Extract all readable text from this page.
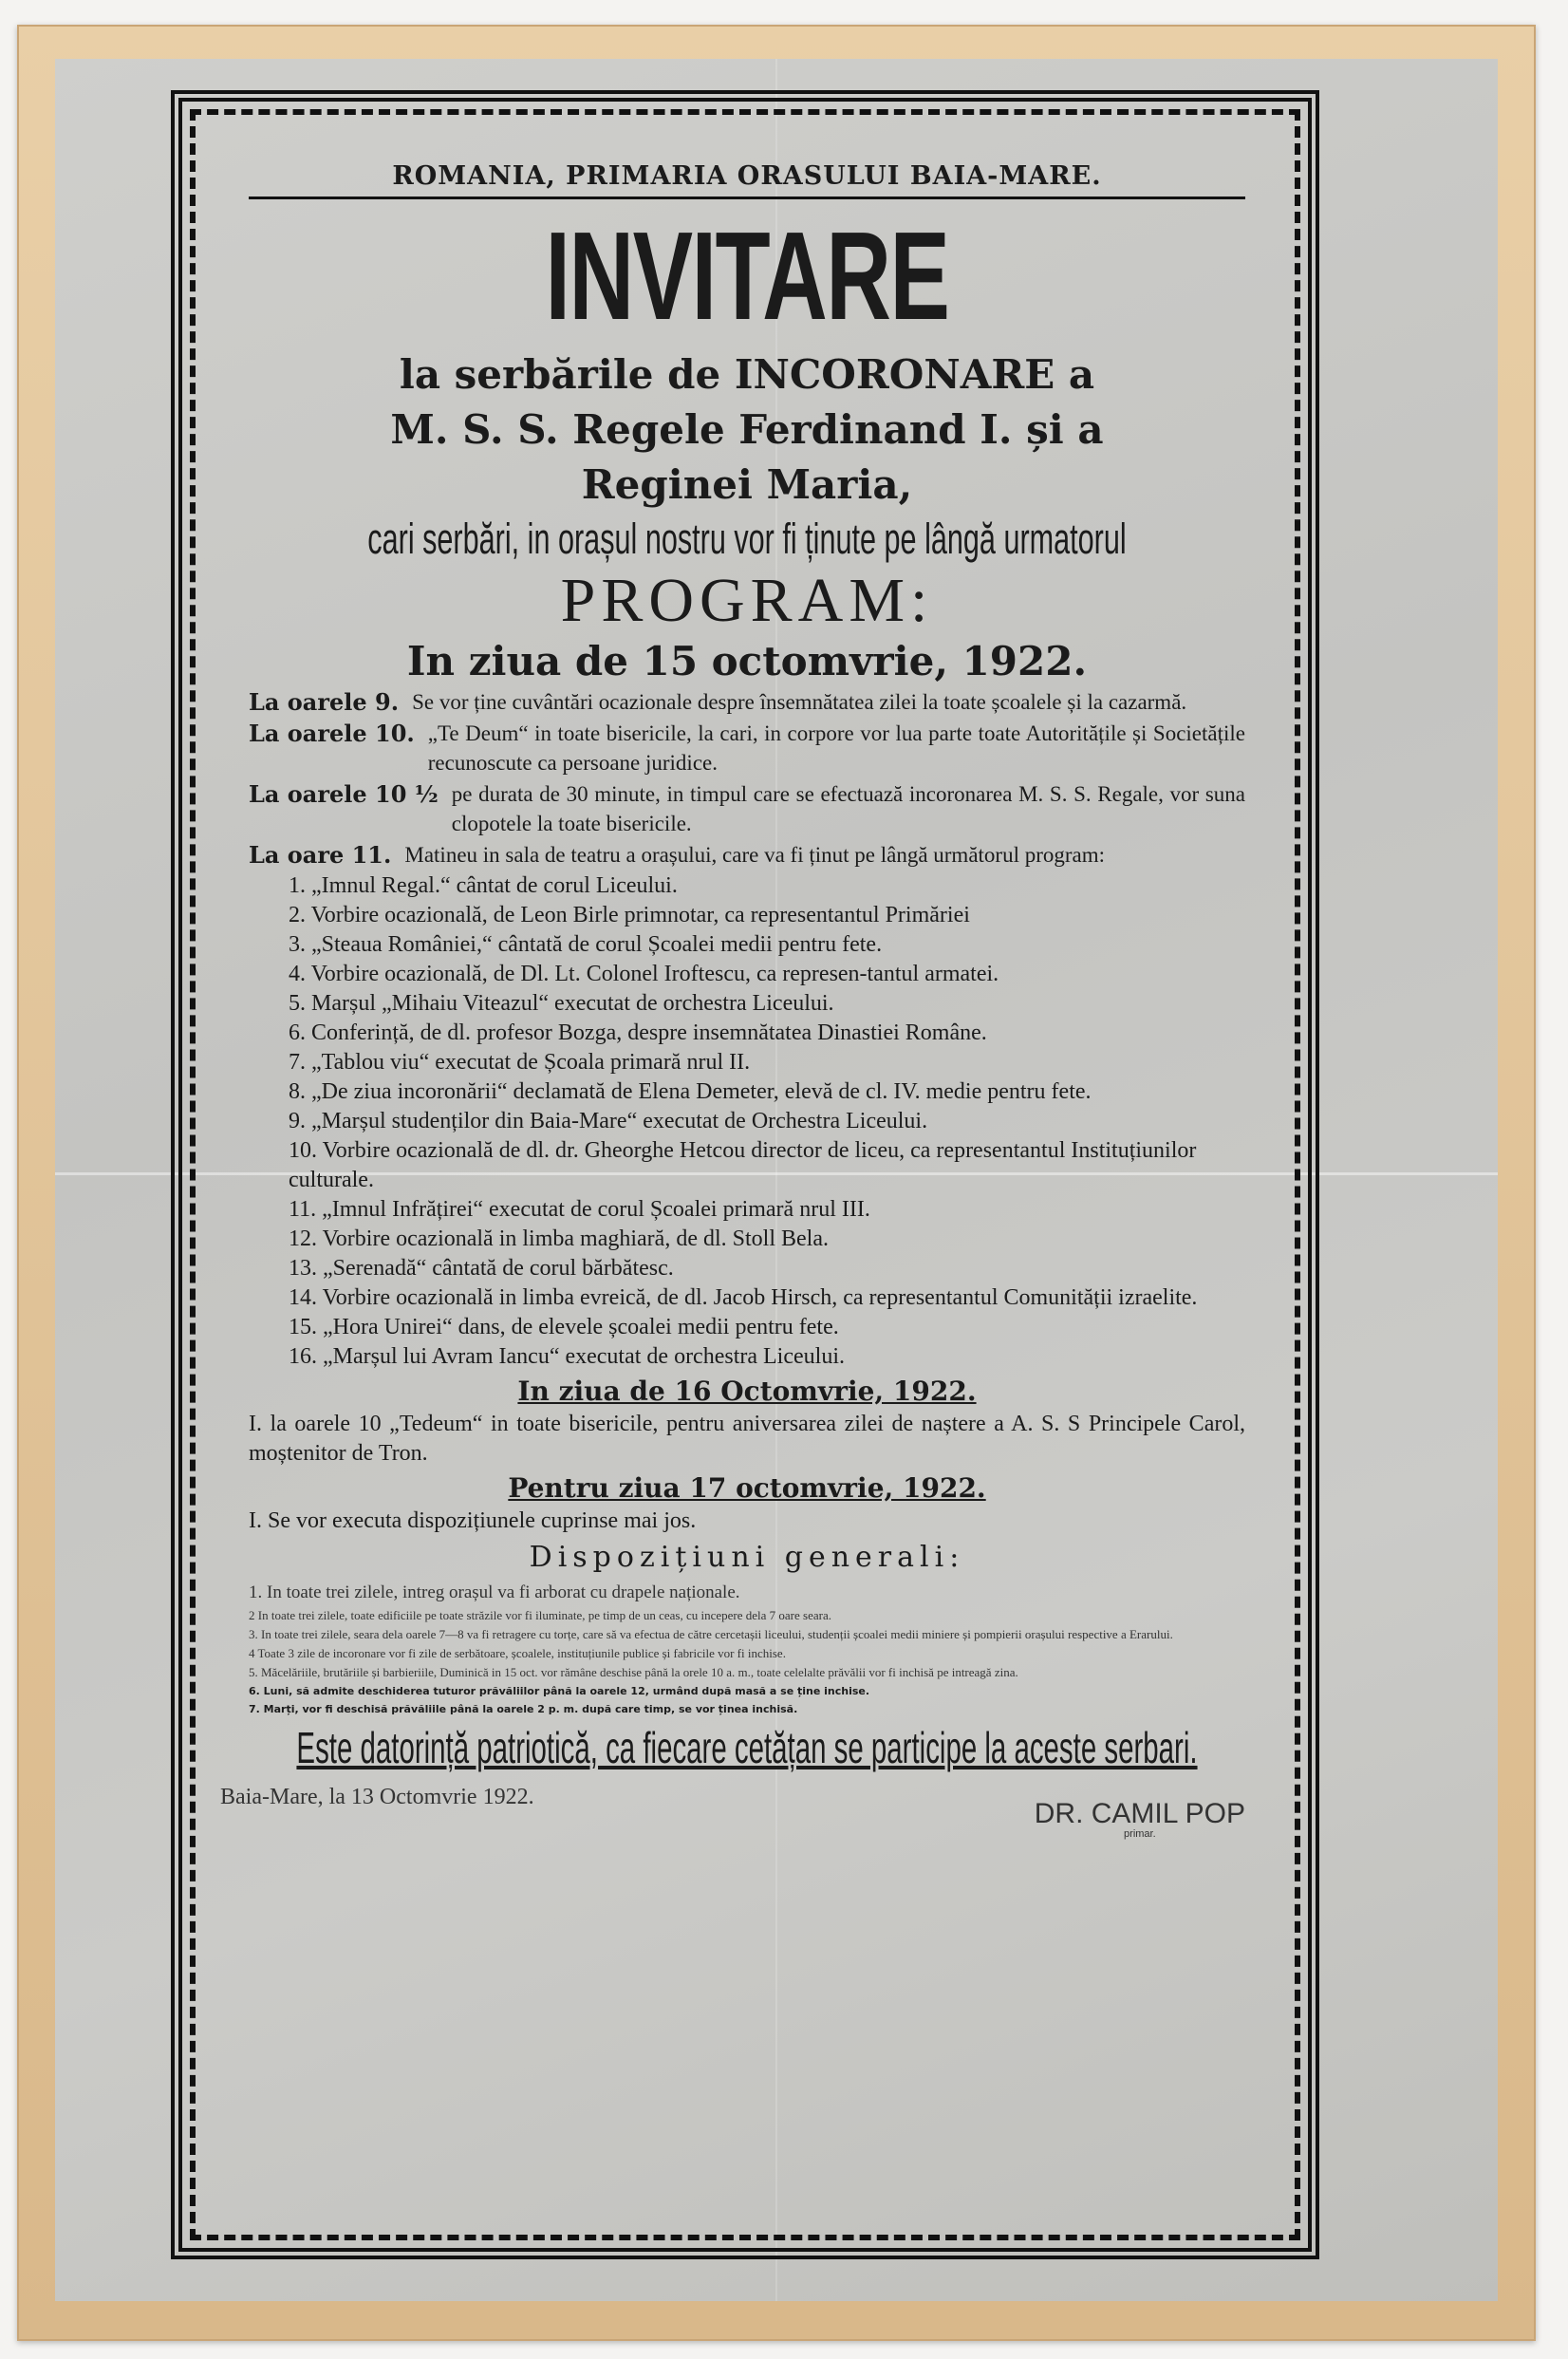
ROMANIA, PRIMARIA ORASULUI BAIA-MARE.
INVITARE
la serbările de INCORONARE a
M. S. S. Regele Ferdinand I. și a
Reginei Maria,
cari serbări, in orașul nostru vor fi ținute pe lângă urmatorul
PROGRAM:
In ziua de 15 octomvrie, 1922.
La oarele 9. Se vor ține cuvântări ocazionale despre însemnătatea zilei la toate școalele și la cazarmă.
La oarele 10. „Te Deum“ in toate bisericile, la cari, in corpore vor lua parte toate Autoritățile și Societățile recunoscute ca persoane juridice.
La oarele 10 ½ pe durata de 30 minute, in timpul care se efectuază incoronarea M. S. S. Regale, vor suna clopotele la toate bisericile.
La oare 11. Matineu in sala de teatru a orașului, care va fi ținut pe lângă următorul program:
1. „Imnul Regal.“ cântat de corul Liceului.
2. Vorbire ocazională, de Leon Birle primnotar, ca representantul Primăriei
3. „Steaua României,“ cântată de corul Școalei medii pentru fete.
4. Vorbire ocazională, de Dl. Lt. Colonel Iroftescu, ca represen-tantul armatei.
5. Marșul „Mihaiu Viteazul“ executat de orchestra Liceului.
6. Conferință, de dl. profesor Bozga, despre insemnătatea Dinastiei Române.
7. „Tablou viu“ executat de Școala primară nrul II.
8. „De ziua incoronării“ declamată de Elena Demeter, elevă de cl. IV. medie pentru fete.
9. „Marșul studenților din Baia-Mare“ executat de Orchestra Liceului.
10. Vorbire ocazională de dl. dr. Gheorghe Hetcou director de liceu, ca representantul Instituțiunilor culturale.
11. „Imnul Infrățirei“ executat de corul Școalei primară nrul III.
12. Vorbire ocazională in limba maghiară, de dl. Stoll Bela.
13. „Serenadă“ cântată de corul bărbătesc.
14. Vorbire ocazională in limba evreică, de dl. Jacob Hirsch, ca representantul Comunității izraelite.
15. „Hora Unirei“ dans, de elevele școalei medii pentru fete.
16. „Marșul lui Avram Iancu“ executat de orchestra Liceului.
In ziua de 16 Octomvrie, 1922.
I. la oarele 10 „Tedeum“ in toate bisericile, pentru aniversarea zilei de naștere a A. S. S Principele Carol, moștenitor de Tron.
Pentru ziua 17 octomvrie, 1922.
I. Se vor executa dispozițiunele cuprinse mai jos.
Dispozițiuni generali:
1. In toate trei zilele, intreg orașul va fi arborat cu drapele naționale.
2 In toate trei zilele, toate edificiile pe toate străzile vor fi iluminate, pe timp de un ceas, cu incepere dela 7 oare seara.
3. In toate trei zilele, seara dela oarele 7—8 va fi retragere cu torțe, care să va efectua de către cercetașii liceului, studenții școalei medii miniere și pompierii orașului respective a Erarului.
4 Toate 3 zile de incoronare vor fi zile de serbătoare, școalele, instituțiunile publice și fabricile vor fi inchise.
5. Măcelăriile, brutăriile și barbieriile, Duminică in 15 oct. vor rămâne deschise până la orele 10 a. m., toate celelalte prăvălii vor fi inchisă pe intreagă zina.
6. Luni, să admite deschiderea tuturor prăvăliilor până la oarele 12, urmând după masă a se ține inchise.
7. Marți, vor fi deschisă prăvăliile până la oarele 2 p. m. după care timp, se vor ținea inchisă.
Este datorință patriotică, ca fiecare cetățan se participe la aceste serbari.
Baia-Mare, la 13 Octomvrie 1922.
DR. CAMIL POP
primar.
